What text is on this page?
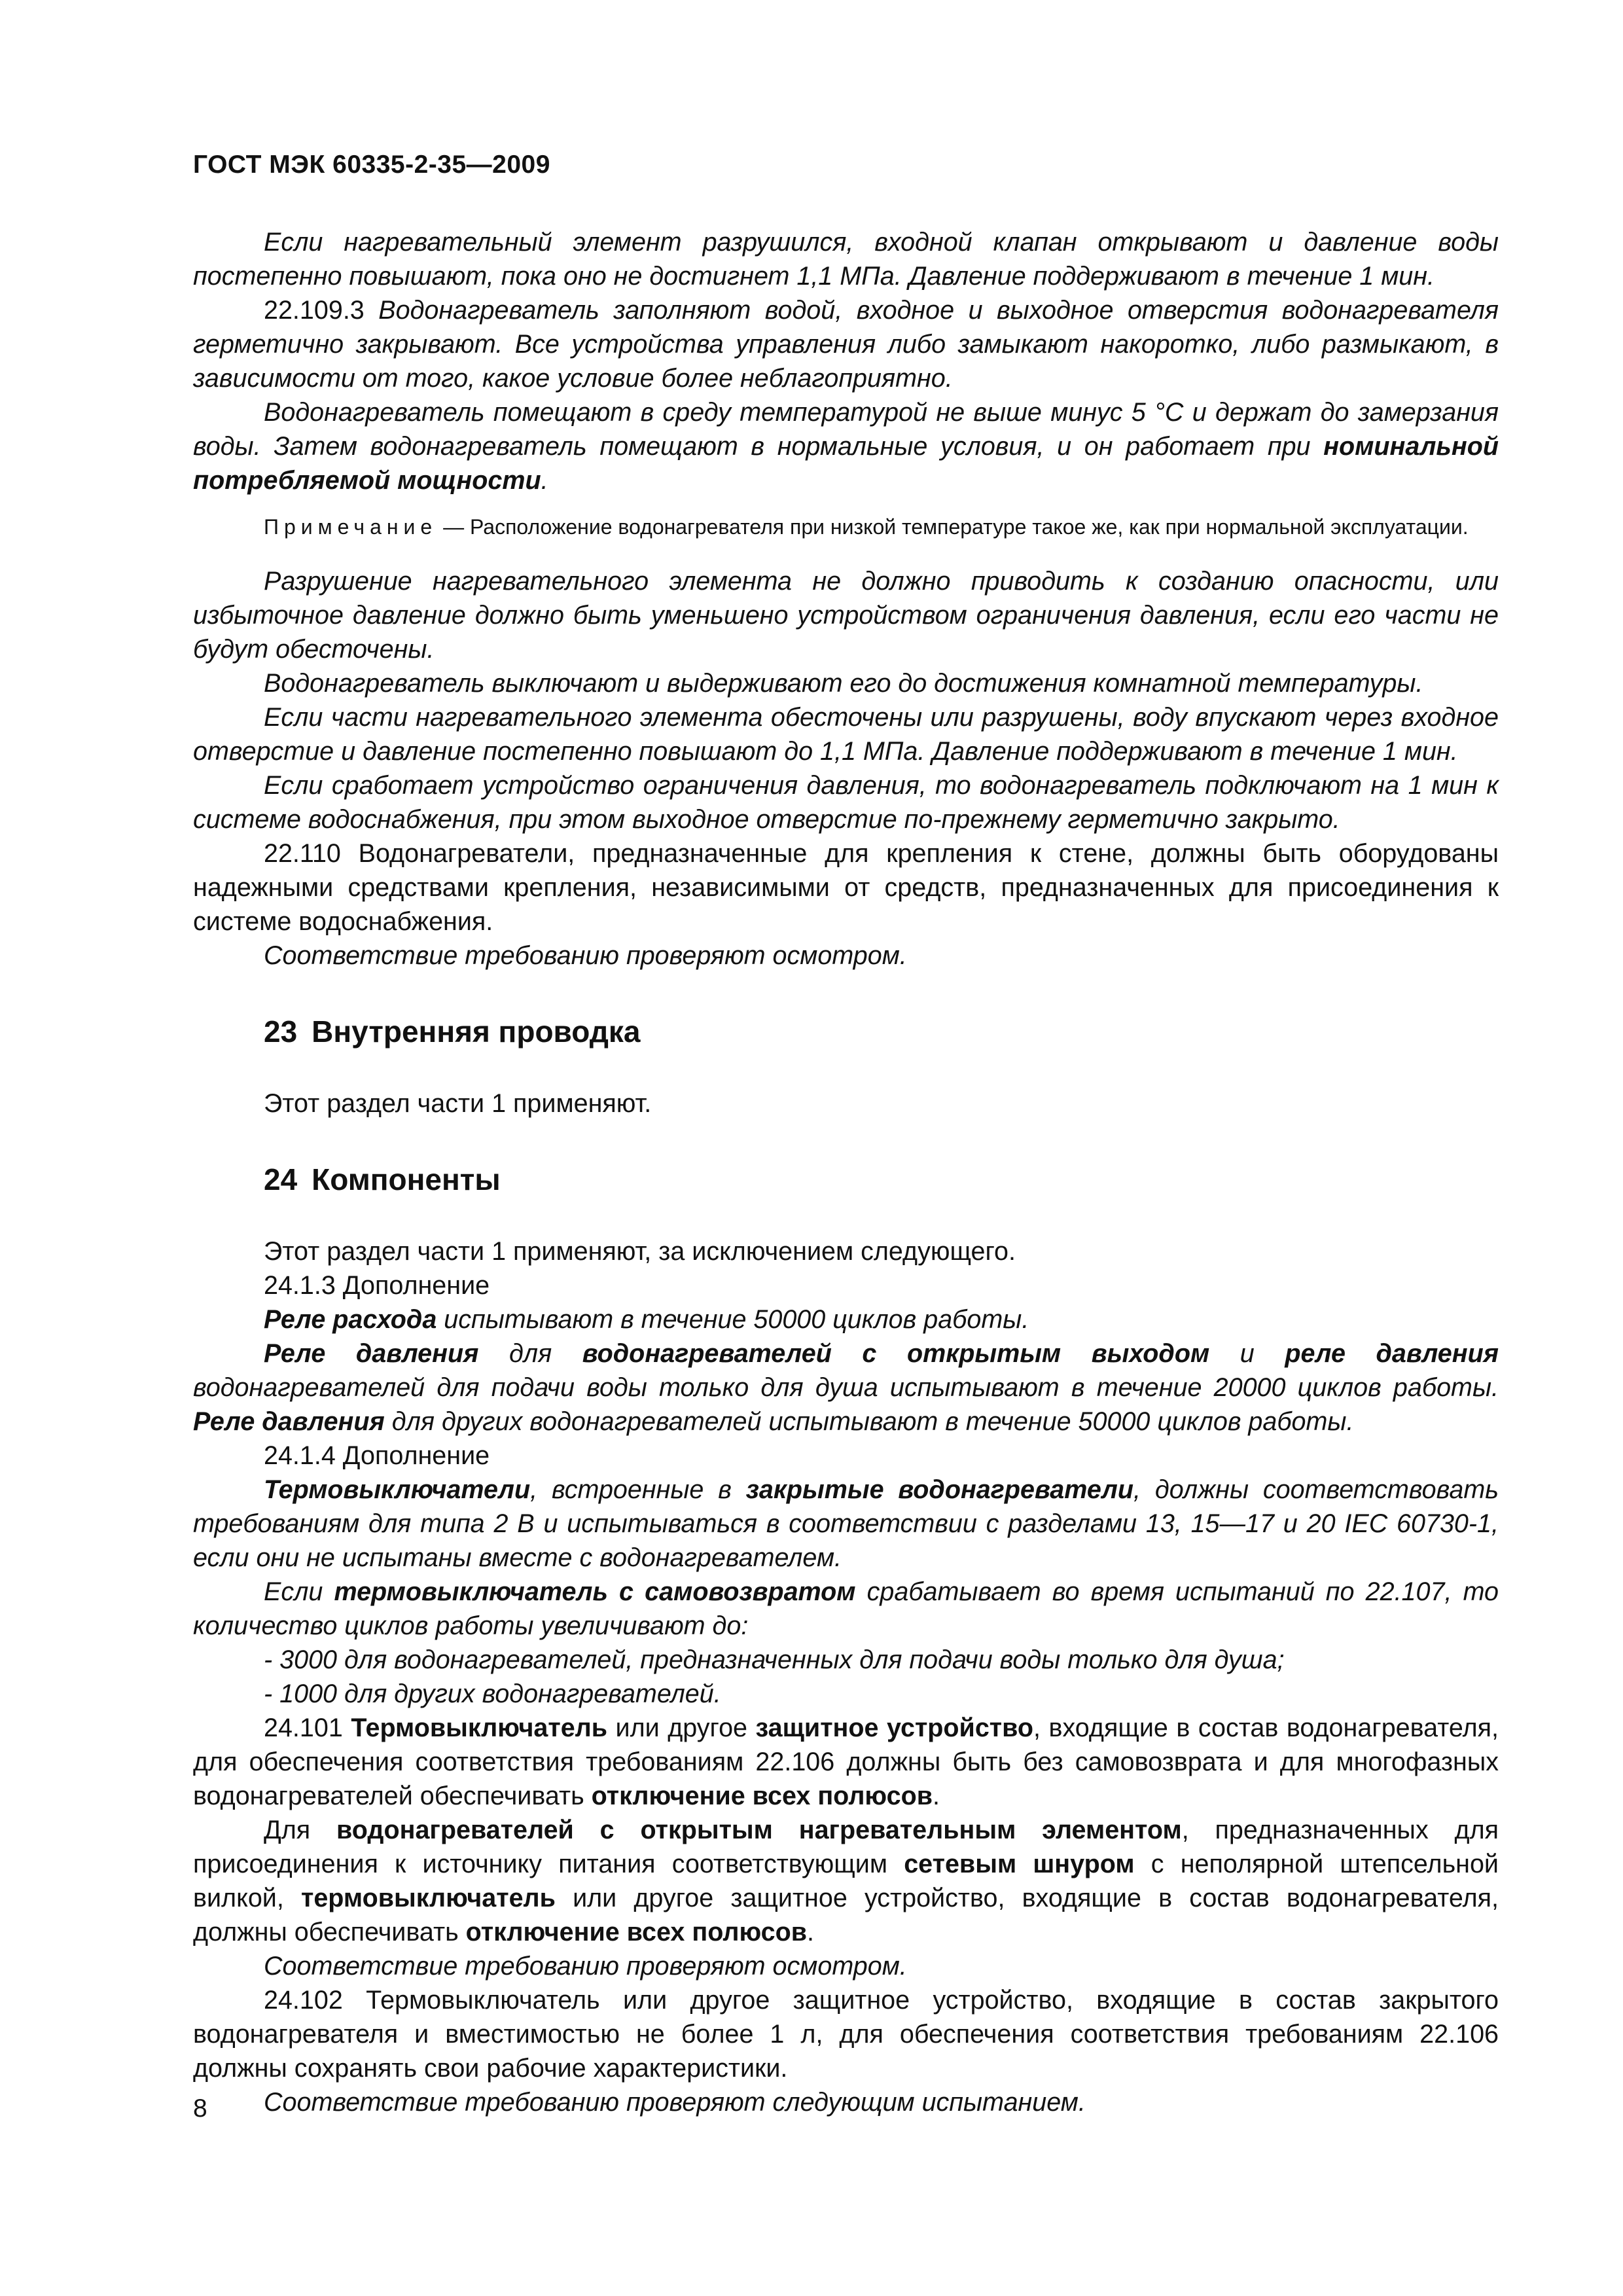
ГОСТ МЭК 60335-2-35—2009

Если нагревательный элемент разрушился, входной клапан открывают и давление воды постепенно повышают, пока оно не достигнет 1,1 МПа. Давление поддерживают в течение 1 мин.

22.109.3 Водонагреватель заполняют водой, входное и выходное отверстия водонагревателя герметично закрывают. Все устройства управления либо замыкают накоротко, либо размыкают, в зависимости от того, какое условие более неблагоприятно.

Водонагреватель помещают в среду температурой не выше минус 5 °С и держат до замерзания воды. Затем водонагреватель помещают в нормальные условия, и он работает при номинальной потребляемой мощности.

Примечание — Расположение водонагревателя при низкой температуре такое же, как при нормальной эксплуатации.

Разрушение нагревательного элемента не должно приводить к созданию опасности, или избыточное давление должно быть уменьшено устройством ограничения давления, если его части не будут обесточены.

Водонагреватель выключают и выдерживают его до достижения комнатной температуры.

Если части нагревательного элемента обесточены или разрушены, воду впускают через входное отверстие и давление постепенно повышают до 1,1 МПа. Давление поддерживают в течение 1 мин.

Если сработает устройство ограничения давления, то водонагреватель подключают на 1 мин к системе водоснабжения, при этом выходное отверстие по-прежнему герметично закрыто.

22.110 Водонагреватели, предназначенные для крепления к стене, должны быть оборудованы надежными средствами крепления, независимыми от средств, предназначенных для присоединения к системе водоснабжения.

Соответствие требованию проверяют осмотром.

23 Внутренняя проводка

Этот раздел части 1 применяют.

24 Компоненты

Этот раздел части 1 применяют, за исключением следующего.

24.1.3 Дополнение

Реле расхода испытывают в течение 50000 циклов работы.

Реле давления для водонагревателей с открытым выходом и реле давления водонагревателей для подачи воды только для душа испытывают в течение 20000 циклов работы. Реле давления для других водонагревателей испытывают в течение 50000 циклов работы.

24.1.4 Дополнение

Термовыключатели, встроенные в закрытые водонагреватели, должны соответствовать требованиям для типа 2 В и испытываться в соответствии с разделами 13, 15—17 и 20 IEC 60730-1, если они не испытаны вместе с водонагревателем.

Если термовыключатель с самовозвратом срабатывает во время испытаний по 22.107, то количество циклов работы увеличивают до:

- 3000 для водонагревателей, предназначенных для подачи воды только для душа;

- 1000 для других водонагревателей.

24.101 Термовыключатель или другое защитное устройство, входящие в состав водонагревателя, для обеспечения соответствия требованиям 22.106 должны быть без самовозврата и для многофазных водонагревателей обеспечивать отключение всех полюсов.

Для водонагревателей с открытым нагревательным элементом, предназначенных для присоединения к источнику питания соответствующим сетевым шнуром с неполярной штепсельной вилкой, термовыключатель или другое защитное устройство, входящие в состав водонагревателя, должны обеспечивать отключение всех полюсов.

Соответствие требованию проверяют осмотром.

24.102 Термовыключатель или другое защитное устройство, входящие в состав закрытого водонагревателя и вместимостью не более 1 л, для обеспечения соответствия требованиям 22.106 должны сохранять свои рабочие характеристики.

Соответствие требованию проверяют следующим испытанием.

8
